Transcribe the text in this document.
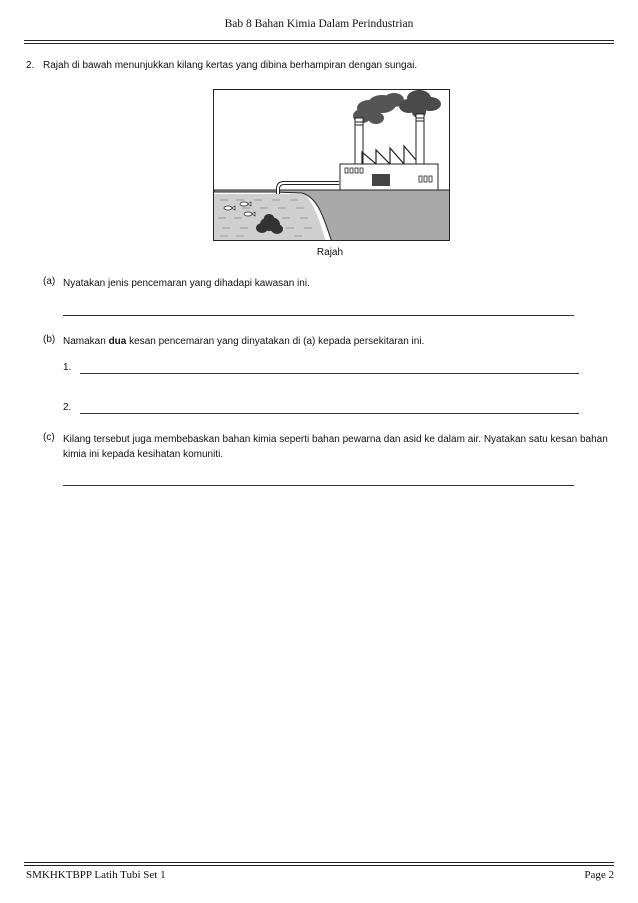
Bab 8 Bahan Kimia Dalam Perindustrian
2. Rajah di bawah menunjukkan kilang kertas yang dibina berhampiran dengan sungai.
Rajah
(a) Nyatakan jenis pencemaran yang dihadapi kawasan ini.
(b) Namakan dua kesan pencemaran yang dinyatakan di (a) kepada persekitaran ini.
1.
2.
(c) Kilang tersebut juga membebaskan bahan kimia seperti bahan pewarna dan asid ke dalam air. Nyatakan satu kesan bahan kimia ini kepada kesihatan komuniti.
SMKHKTBPP Latih Tubi Set 1	Page 2
